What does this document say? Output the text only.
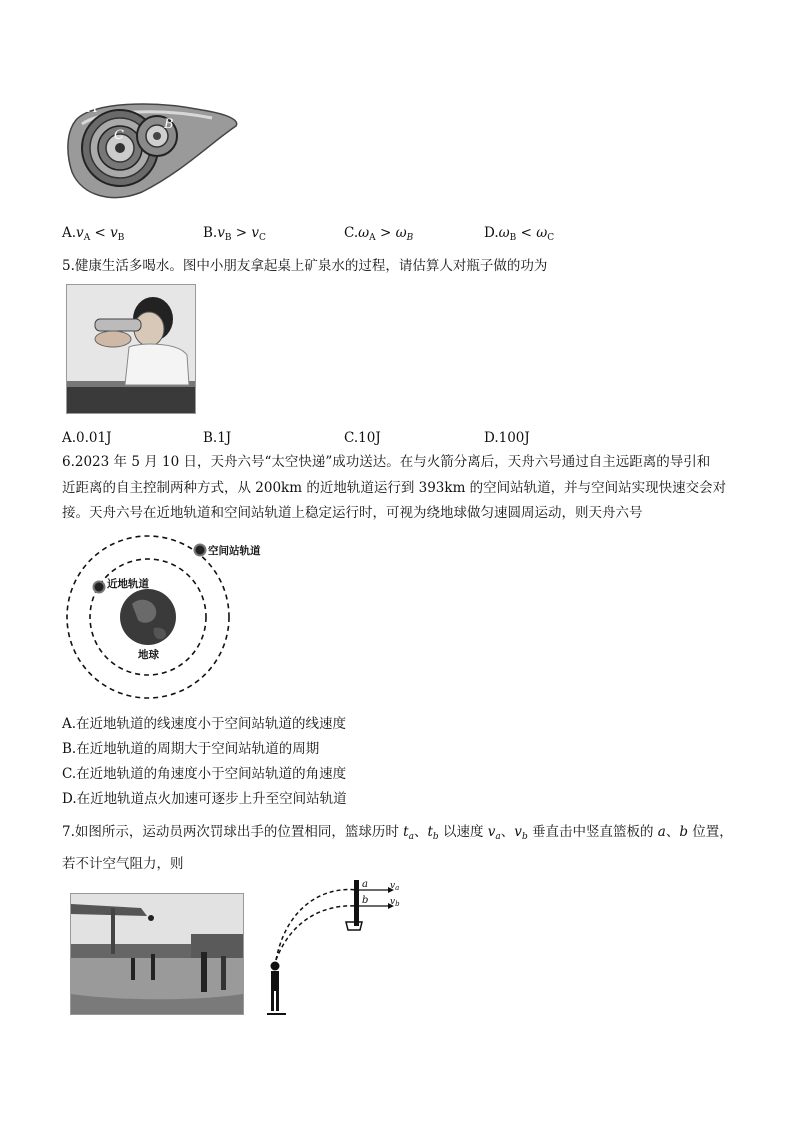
A
C
B
$A.v_A < v_B$	$B.v_B > v_C$	$C.\omega_A > \omega_B$	$D.\omega_B < \omega_C$
5.健康生活多喝水。图中小朋友拿起桌上矿泉水的过程，请估算人对瓶子做的功为
A.0.01J	B.1J	C.10J	D.100J
6.2023 年 5 月 10 日，天舟六号“太空快递”成功送达。在与火箭分离后，天舟六号通过自主远距离的导引和
近距离的自主控制两种方式，从 200km 的近地轨道运行到 393km 的空间站轨道，并与空间站实现快速交会对
接。天舟六号在近地轨道和空间站轨道上稳定运行时，可视为绕地球做匀速圆周运动，则天舟六号
空间站轨道
近地轨道
地球
A.在近地轨道的线速度小于空间站轨道的线速度
B.在近地轨道的周期大于空间站轨道的周期
C.在近地轨道的角速度小于空间站轨道的角速度
D.在近地轨道点火加速可逐步上升至空间站轨道
7.如图所示，运动员两次罚球出手的位置相同，篮球历时 $t_a$、$t_b$ 以速度 $v_a$、$v_b$ 垂直击中竖直篮板的 a、b 位置，
若不计空气阻力，则
a
b
$v_a$
$v_b$
